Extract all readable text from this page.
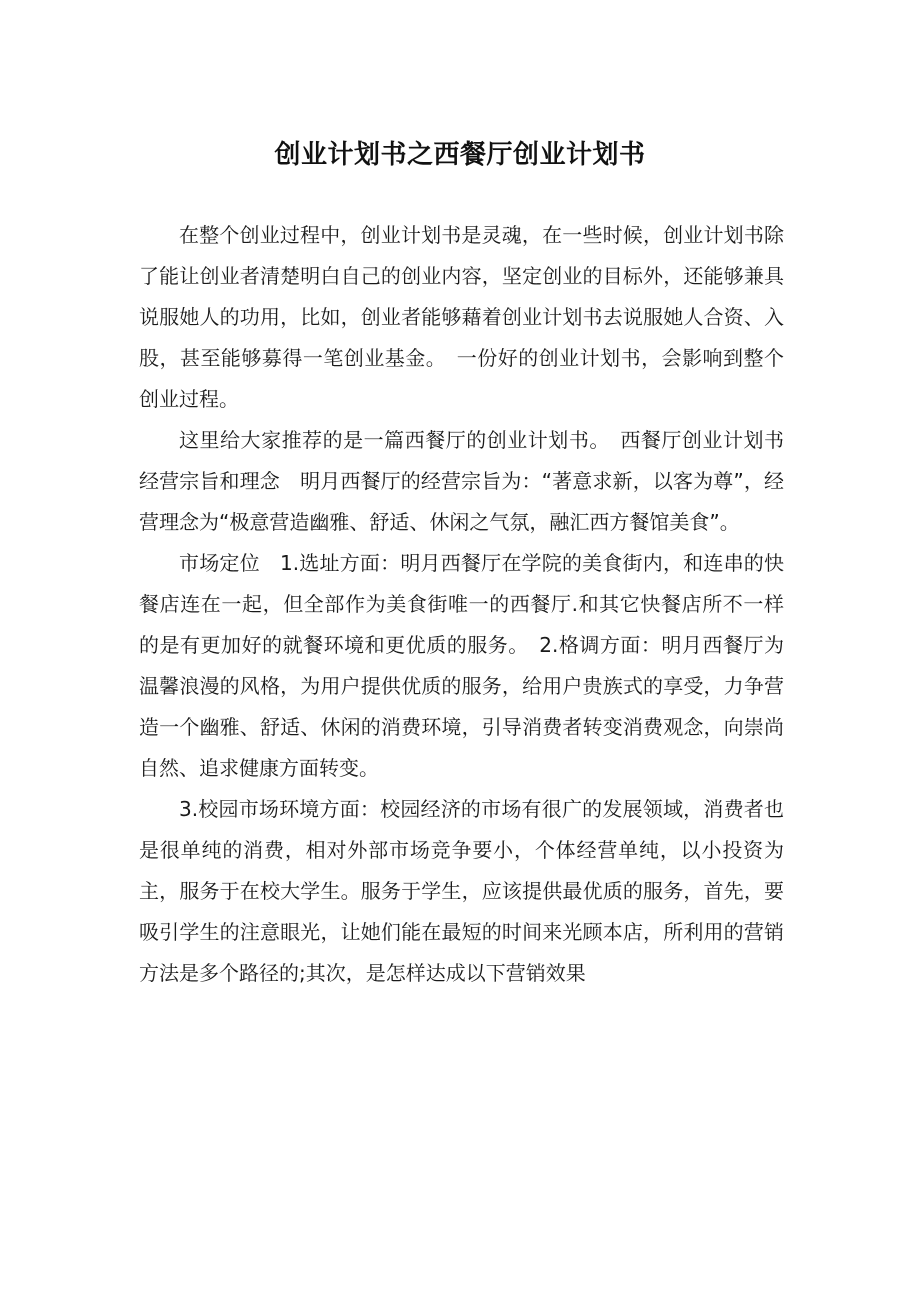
创业计划书之西餐厅创业计划书

在整个创业过程中，创业计划书是灵魂，在一些时候，创业计划书除了能让创业者清楚明白自己的创业内容，坚定创业的目标外，还能够兼具说服她人的功用，比如，创业者能够藉着创业计划书去说服她人合资、入股，甚至能够募得一笔创业基金。　一份好的创业计划书，会影响到整个创业过程。

这里给大家推荐的是一篇西餐厅的创业计划书。　西餐厅创业计划书　经营宗旨和理念　明月西餐厅的经营宗旨为：“著意求新，以客为尊”，经营理念为“极意营造幽雅、舒适、休闲之气氛，融汇西方餐馆美食”。

市场定位　1.选址方面：明月西餐厅在学院的美食街内，和连串的快餐店连在一起，但全部作为美食街唯一的西餐厅.和其它快餐店所不一样的是有更加好的就餐环境和更优质的服务。　2.格调方面：明月西餐厅为温馨浪漫的风格，为用户提供优质的服务，给用户贵族式的享受，力争营造一个幽雅、舒适、休闲的消费环境，引导消费者转变消费观念，向崇尚自然、追求健康方面转变。

3.校园市场环境方面：校园经济的市场有很广的发展领域，消费者也是很单纯的消费，相对外部市场竞争要小，个体经营单纯，以小投资为主，服务于在校大学生。服务于学生，应该提供最优质的服务，首先，要吸引学生的注意眼光，让她们能在最短的时间来光顾本店，所利用的营销方法是多个路径的;其次，是怎样达成以下营销效果
